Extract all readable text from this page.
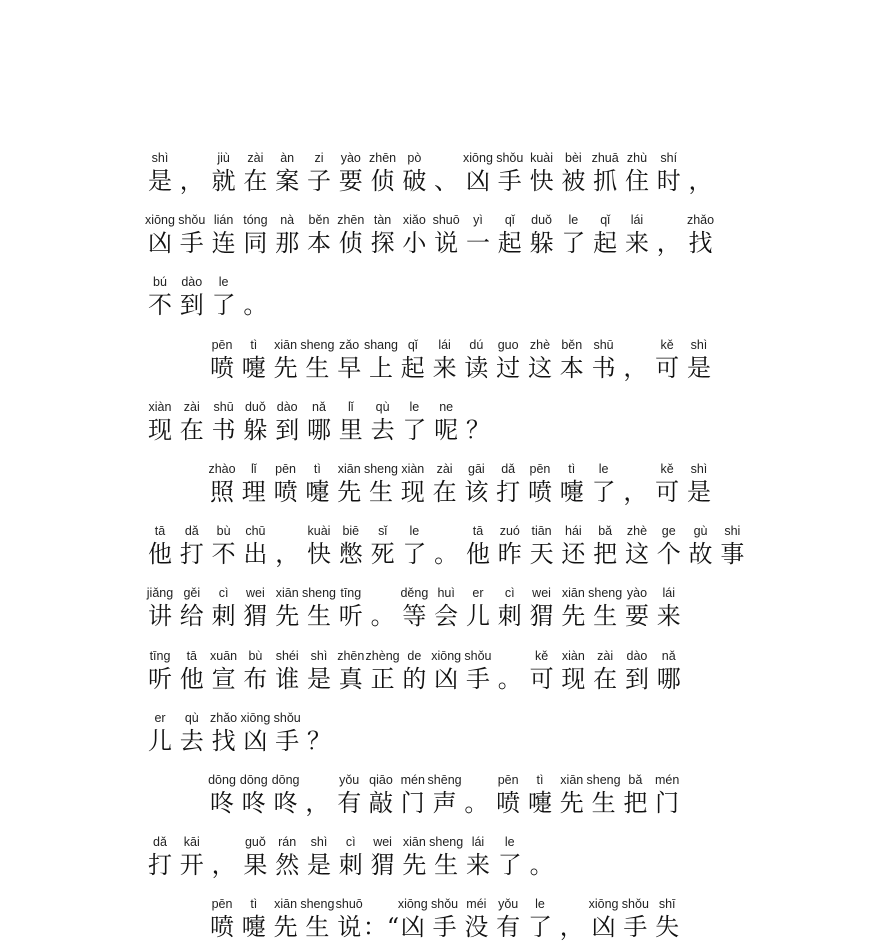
shì
是 ，
jiù
就
zài
在
àn
案
zi
子
yào
要
zhēn
侦
pò
破 、
xiōng
凶
shǒu
手
kuài
快
bèi
被
zhuā
抓
zhù
住
shí
时 ，
xiōng
凶
shǒu
手
lián
连
tóng
同
nà
那
běn
本
zhēn
侦
tàn
探
xiǎo
小
shuō
说
yì
一
qǐ
起
duǒ
躲
le
了
qǐ
起
lái
来 ，
zhǎo
找
bú
不
dào
到
le
了 。
pēn
喷
tì
嚏
xiān
先
sheng
生
zǎo
早
shang
上
qǐ
起
lái
来
dú
读
guo
过
zhè
这
běn
本
shū
书 ，
kě
可
shì
是
xiàn
现
zài
在
shū
书
duǒ
躲
dào
到
nǎ
哪
lǐ
里
qù
去
le
了
ne
呢 ？
zhào
照
lǐ
理
pēn
喷
tì
嚏
xiān
先
sheng
生
xiàn
现
zài
在
gāi
该
dǎ
打
pēn
喷
tì
嚏
le
了 ，
kě
可
shì
是
tā
他
dǎ
打
bù
不
chū
出 ，
kuài
快
biē
憋
sǐ
死
le
了 。
tā
他
zuó
昨
tiān
天
hái
还
bǎ
把
zhè
这
ge
个
gù
故
shi
事
jiǎng
讲
gěi
给
cì
刺
wei
猬
xiān
先
sheng
生
tīng
听 。
děng
等
huì
会
er
儿
cì
刺
wei
猬
xiān
先
sheng
生
yào
要
lái
来
tīng
听
tā
他
xuān
宣
bù
布
shéi
谁
shì
是
zhēn
真
zhèng
正
de
的
xiōng
凶
shǒu
手 。
kě
可
xiàn
现
zài
在
dào
到
nǎ
哪
er
儿
qù
去
zhǎo
找
xiōng
凶
shǒu
手 ？
dōng
咚
dōng
咚
dōng
咚 ，
yǒu
有
qiāo
敲
mén
门
shēng
声 。
pēn
喷
tì
嚏
xiān
先
sheng
生
bǎ
把
mén
门
dǎ
打
kāi
开 ，
guǒ
果
rán
然
shì
是
cì
刺
wei
猬
xiān
先
sheng
生
lái
来
le
了 。
pēn
喷
tì
嚏
xiān
先
sheng
生
shuō
说 ：“
xiōng
凶
shǒu
手
méi
没
yǒu
有
le
了 ，
xiōng
凶
shǒu
手
shī
失
